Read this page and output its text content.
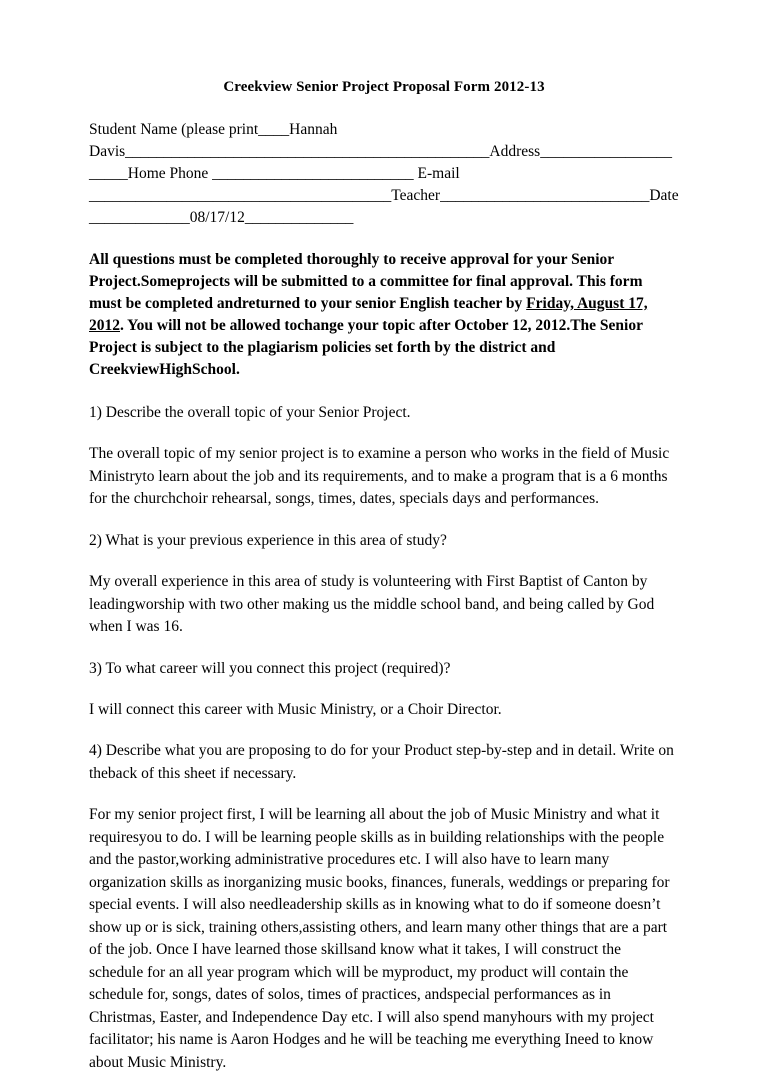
Creekview Senior Project Proposal Form 2012-13

Student Name (please print____Hannah Davis_______________________________________________Address______________________Home Phone __________________________ E-mail _______________________________________Teacher___________________________Date _____________08/17/12______________

All questions must be completed thoroughly to receive approval for your Senior Project.Someprojects will be submitted to a committee for final approval. This form must be completed andreturned to your senior English teacher by Friday, August 17, 2012. You will not be allowed tochange your topic after October 12, 2012.The Senior Project is subject to the plagiarism policies set forth by the district and CreekviewHighSchool.

1) Describe the overall topic of your Senior Project.

The overall topic of my senior project is to examine a person who works in the field of Music Ministryto learn about the job and its requirements, and to make a program that is a 6 months for the churchchoir rehearsal, songs, times, dates, specials days and performances.

2) What is your previous experience in this area of study?

My overall experience in this area of study is volunteering with First Baptist of Canton by leadingworship with two other making us the middle school band, and being called by God when I was 16.

3) To what career will you connect this project (required)?

I will connect this career with Music Ministry, or a Choir Director.

4) Describe what you are proposing to do for your Product step-by-step and in detail. Write on theback of this sheet if necessary.

For my senior project first, I will be learning all about the job of Music Ministry and what it requiresyou to do. I will be learning people skills as in building relationships with the people and the pastor,working administrative procedures etc. I will also have to learn many organization skills as inorganizing music books, finances, funerals, weddings or preparing for special events. I will also needleadership skills as in knowing what to do if someone doesn’t show up or is sick, training others,assisting others, and learn many other things that are a part of the job. Once I have learned those skillsand know what it takes, I will construct the schedule for an all year program which will be myproduct, my product will contain the schedule for, songs, dates of solos, times of practices, andspecial performances as in Christmas, Easter, and Independence Day etc. I will also spend manyhours with my project facilitator; his name is Aaron Hodges and he will be teaching me everything Ineed to know about Music Ministry.
